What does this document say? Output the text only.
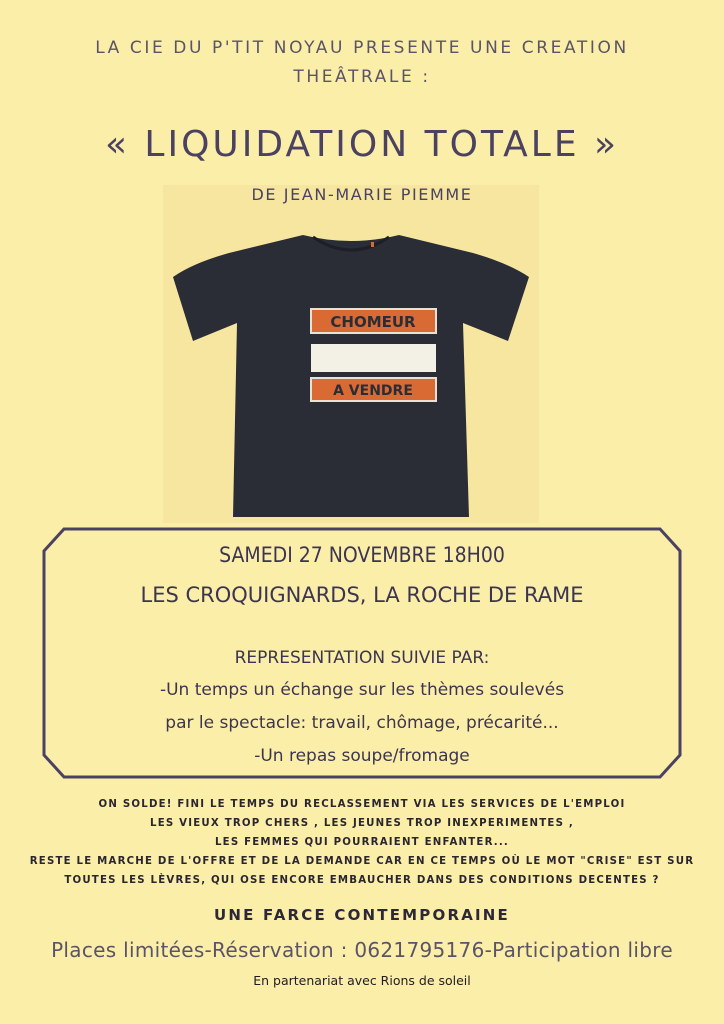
LA CIE DU P'TIT NOYAU PRESENTE UNE CREATION
THEÂTRALE :
« LIQUIDATION TOTALE »
CHOMEUR
A VENDRE
DE JEAN-MARIE PIEMME
SAMEDI 27 NOVEMBRE 18H00
LES CROQUIGNARDS, LA ROCHE DE RAME
REPRESENTATION SUIVIE PAR:
-Un temps un échange sur les thèmes soulevés
par le spectacle: travail, chômage, précarité...
-Un repas soupe/fromage
ON SOLDE! FINI LE TEMPS DU RECLASSEMENT VIA LES SERVICES DE L'EMPLOI
LES VIEUX TROP CHERS , LES JEUNES TROP INEXPERIMENTES ,
LES FEMMES QUI POURRAIENT ENFANTER...
RESTE LE MARCHE DE L'OFFRE ET DE LA DEMANDE CAR EN CE TEMPS OÙ LE MOT "CRISE" EST SUR
TOUTES LES LÈVRES, QUI OSE ENCORE EMBAUCHER DANS DES CONDITIONS DECENTES ?
UNE FARCE CONTEMPORAINE
Places limitées-Réservation : 0621795176-Participation libre
En partenariat avec Rions de soleil
